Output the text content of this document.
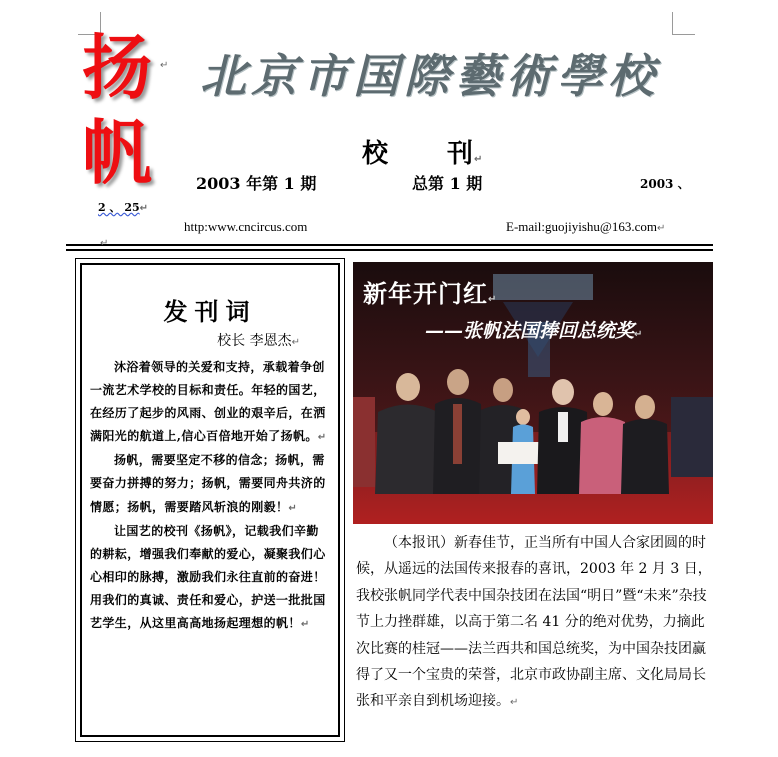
扬
帆
↵ 北京市国際藝術學校
校 刊↵
2003 年第 1 期	总第 1 期	2003 、
2 、 25↵
http:www.cncircus.com	E-mail:guojiyishu@163.com↵
↵
发刊词
校长 李恩杰↵

沐浴着领导的关爱和支持，承载着争创一流艺术学校的目标和责任。年轻的国艺，在经历了起步的风雨、创业的艰辛后，在洒满阳光的航道上,信心百倍地开始了扬帆。↵

扬帆，需要坚定不移的信念；扬帆，需要奋力拼搏的努力；扬帆，需要同舟共济的情愿；扬帆，需要踏风斩浪的刚毅！↵

让国艺的校刊《扬帆》，记载我们辛勤的耕耘，增强我们奉献的爱心，凝聚我们心心相印的脉搏，激励我们永往直前的奋进！用我们的真诚、责任和爱心，护送一批批国艺学生，从这里高高地扬起理想的帆！↵

新年开门红↵
——张帆法国捧回总统奖↵
（本报讯）新春佳节，正当所有中国人合家团圆的时候，从遥远的法国传来报春的喜讯，2003 年 2 月 3 日，我校张帆同学代表中国杂技团在法国“明日”暨“未来”杂技节上力挫群雄，以高于第二名 41 分的绝对优势，力摘此次比赛的桂冠——法兰西共和国总统奖，为中国杂技团赢得了又一个宝贵的荣誉，北京市政协副主席、文化局局长张和平亲自到机场迎接。↵
